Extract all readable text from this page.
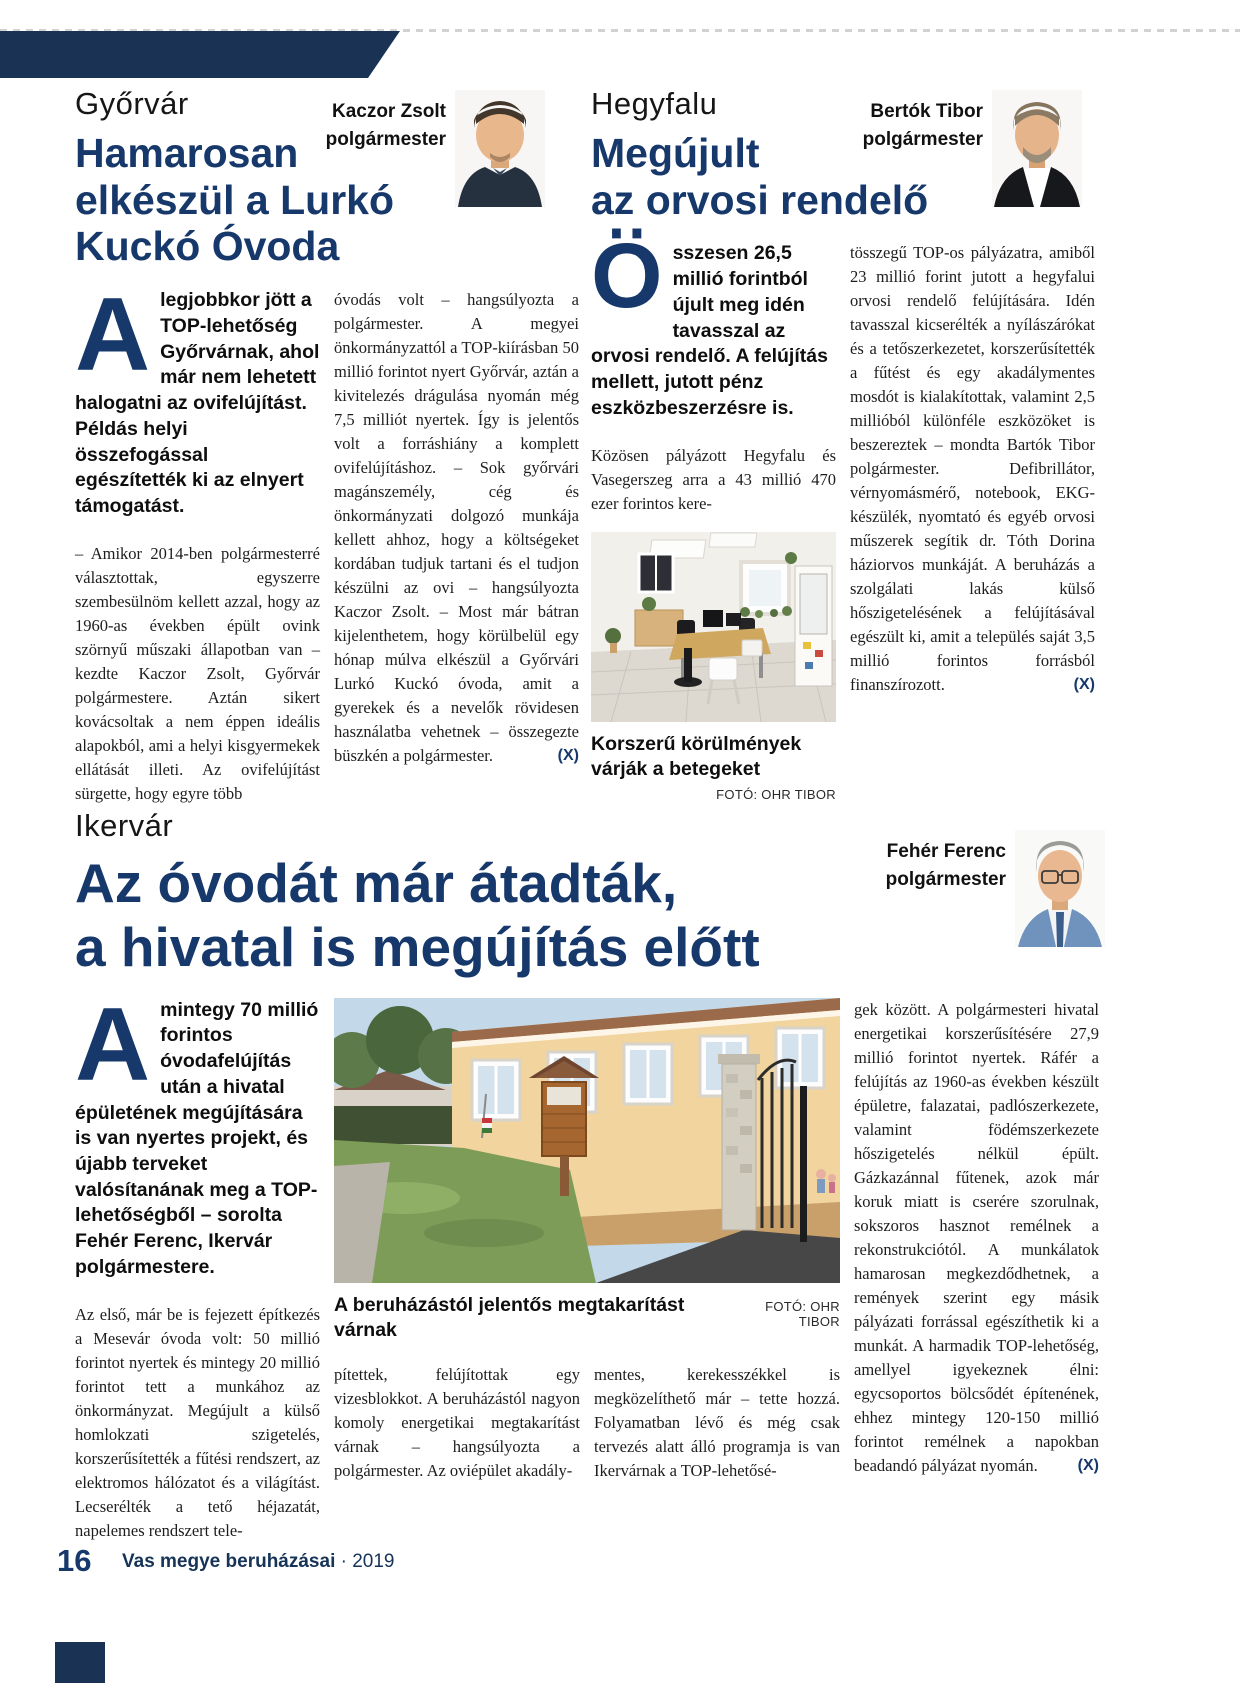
Kaczor Zsolt
polgármester
Győrvár
Hamarosan
elkészül a Lurkó
Kuckó Óvoda
Alegjobbkor jött a TOP-lehetőség Győrvárnak, ahol már nem lehetett halogatni az ovifelújítást. Példás helyi összefogással egészítették ki az elnyert támogatást.

– Amikor 2014-ben polgármesterré választottak, egyszerre szembesülnöm kellett azzal, hogy az 1960-as években épült ovink szörnyű műszaki állapotban van – kezdte Kaczor Zsolt, Győrvár polgármestere. Aztán sikert kovácsoltak a nem éppen ideális alapokból, ami a helyi kisgyermekek ellátását illeti. Az ovifelújítást sürgette, hogy egyre több

óvodás volt – hangsúlyozta a polgármester. A megyei önkormányzattól a TOP-kiírásban 50 millió forintot nyert Győrvár, aztán a kivitelezés drágulása nyomán még 7,5 milliót nyertek. Így is jelentős volt a forráshiány a komplett ovifelújításhoz. – Sok győrvári magánszemély, cég és önkormányzati dolgozó munkája kellett ahhoz, hogy a költségeket kordában tudjuk tartani és el tudjon készülni az ovi – hangsúlyozta Kaczor Zsolt. – Most már bátran kijelenthetem, hogy körülbelül egy hónap múlva elkészül a Győrvári Lurkó Kuckó óvoda, amit a gyerekek és a nevelők rövidesen használatba vehetnek – összegezte büszkén a polgármester.	(X)

Bertók Tibor
polgármester
Hegyfalu
Megújult
az orvosi rendelő
Összesen 26,5 millió forintból újult meg idén tavasszal az orvosi rendelő. A felújítás mellett, jutott pénz eszközbeszerzésre is.

Közösen pályázott Hegyfalu és Vasegerszeg arra a 43 millió 470 ezer forintos kere-

Korszerű körülmények
várják a betegeket
FOTÓ: OHR TIBOR

tösszegű TOP-os pályázatra, amiből 23 millió forint jutott a hegyfalui orvosi rendelő felújítására. Idén tavasszal kicserélték a nyílászárókat és a tetőszerkezetet, korszerűsítették a fűtést és egy akadálymentes mosdót is kialakítottak, valamint 2,5 millióból különféle eszközöket is beszereztek – mondta Bartók Tibor polgármester. Defibrillátor, vérnyomásmérő, notebook, EKG-készülék, nyomtató és egyéb orvosi műszerek segítik dr. Tóth Dorina háziorvos munkáját. A beruházás a szolgálati lakás külső hőszigetelésének a felújításával egészült ki, amit a település saját 3,5 millió forintos forrásból finanszírozott.	(X)

Fehér Ferenc
polgármester
Ikervár
Az óvodát már átadták,
a hivatal is megújítás előtt
Amintegy 70 millió forintos óvodafelújítás után a hivatal épületének megújítására is van nyertes projekt, és újabb terveket valósítanának meg a TOP-lehetőségből – sorolta Fehér Ferenc, Ikervár polgármestere.

Az első, már be is fejezett építkezés a Mesevár óvoda volt: 50 millió forintot nyertek és mintegy 20 millió forintot tett a munkához az önkormányzat. Megújult a külső homlokzati szigetelés, korszerűsítették a fűtési rendszert, az elektromos hálózatot és a világítást. Lecserélték a tető héjazatát, napelemes rendszert tele-

A beruházástól jelentős megtakarítást várnak
FOTÓ: OHR TIBOR

pítettek, felújítottak egy vizesblokkot. A beruházástól nagyon komoly energetikai megtakarítást várnak – hangsúlyozta a polgármester. Az oviépület akadály-

mentes, kerekesszékkel is megközelíthető már – tette hozzá. Folyamatban lévő és még csak tervezés alatt álló programja is van Ikervárnak a TOP-lehetősé-

gek között. A polgármesteri hivatal energetikai korszerűsítésére 27,9 millió forintot nyertek. Ráfér a felújítás az 1960-as években készült épületre, falazatai, padlószerkezete, valamint födémszerkezete hőszigetelés nélkül épült. Gázkazánnal fűtenek, azok már koruk miatt is cserére szorulnak, sokszoros hasznot remélnek a rekonstrukciótól. A munkálatok hamarosan megkezdődhetnek, a remények szerint egy másik pályázati forrással egészíthetik ki a munkát. A harmadik TOP-lehetőség, amellyel igyekeznek élni: egycsoportos bölcsődét építenének, ehhez mintegy 120-150 millió forintot remélnek a napokban beadandó pályázat nyomán.	(X)

16 Vas megye beruházásai · 2019
